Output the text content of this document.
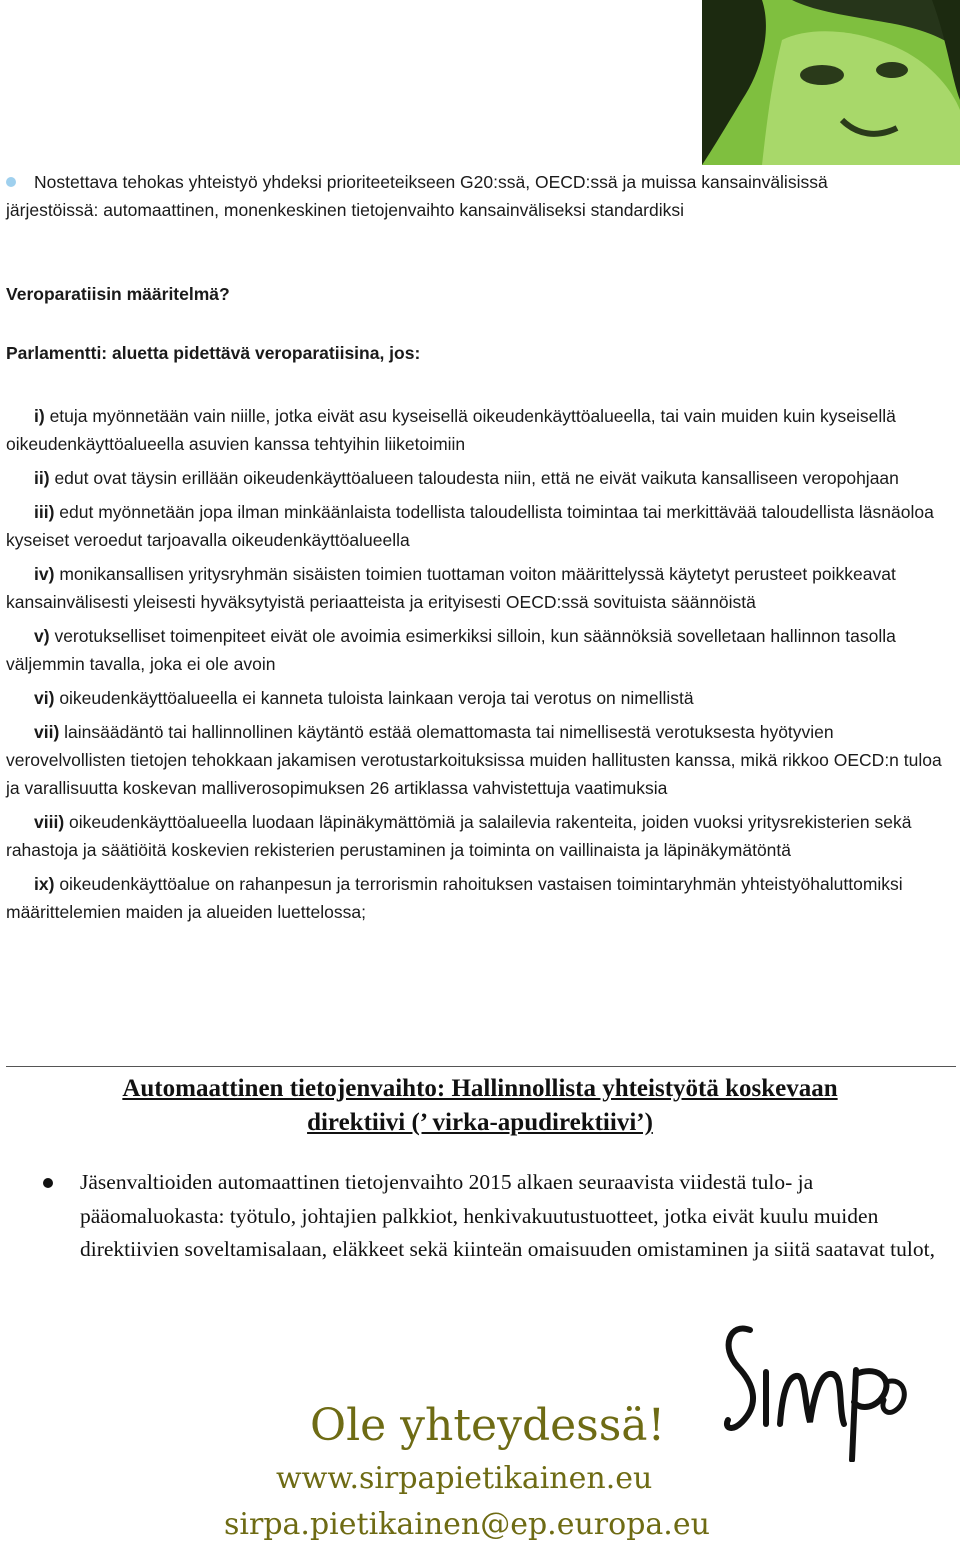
Nostettava tehokas yhteistyö yhdeksi prioriteeteikseen G20:ssä, OECD:ssä ja muissa kansainvälisissä järjestöissä: automaattinen, monenkeskinen tietojenvaihto kansainväliseksi standardiksi
Veroparatiisin määritelmä?
Parlamentti: aluetta pidettävä veroparatiisina, jos:

i) etuja myönnetään vain niille, jotka eivät asu kyseisellä oikeudenkäyttöalueella, tai vain muiden kuin kyseisellä oikeudenkäyttöalueella asuvien kanssa tehtyihin liiketoimiin

ii) edut ovat täysin erillään oikeudenkäyttöalueen taloudesta niin, että ne eivät vaikuta kansalliseen veropohjaan

iii) edut myönnetään jopa ilman minkäänlaista todellista taloudellista toimintaa tai merkittävää taloudellista läsnäoloa kyseiset veroedut tarjoavalla oikeudenkäyttöalueella

iv) monikansallisen yritysryhmän sisäisten toimien tuottaman voiton määrittelyssä käytetyt perusteet poikkeavat kansainvälisesti yleisesti hyväksytyistä periaatteista ja erityisesti OECD:ssä sovituista säännöistä

v) verotukselliset toimenpiteet eivät ole avoimia esimerkiksi silloin, kun säännöksiä sovelletaan hallinnon tasolla väljemmin tavalla, joka ei ole avoin

vi) oikeudenkäyttöalueella ei kanneta tuloista lainkaan veroja tai verotus on nimellistä

vii) lainsäädäntö tai hallinnollinen käytäntö estää olemattomasta tai nimellisestä verotuksesta hyötyvien verovelvollisten tietojen tehokkaan jakamisen verotustarkoituksissa muiden hallitusten kanssa, mikä rikkoo OECD:n tuloa ja varallisuutta koskevan malliverosopimuksen 26 artiklassa vahvistettuja vaatimuksia

viii) oikeudenkäyttöalueella luodaan läpinäkymättömiä ja salailevia rakenteita, joiden vuoksi yritysrekisterien sekä rahastoja ja säätiöitä koskevien rekisterien perustaminen ja toiminta on vaillinaista ja läpinäkymätöntä

ix) oikeudenkäyttöalue on rahanpesun ja terrorismin rahoituksen vastaisen toimintaryhmän yhteistyöhaluttomiksi määrittelemien maiden ja alueiden luettelossa;

Automaattinen tietojenvaihto: Hallinnollista yhteistyötä koskevaan
direktiivi (’ virka-apudirektiivi’)
Jäsenvaltioiden automaattinen tietojenvaihto 2015 alkaen seuraavista viidestä tulo- ja pääomaluokasta: työtulo, johtajien palkkiot, henkivakuutustuotteet, jotka eivät kuulu muiden direktiivien soveltamisalaan, eläkkeet sekä kiinteän omaisuuden omistaminen ja siitä saatavat tulot,
Ole yhteydessä!
www.sirpapietikainen.eu
sirpa.pietikainen@ep.europa.eu
